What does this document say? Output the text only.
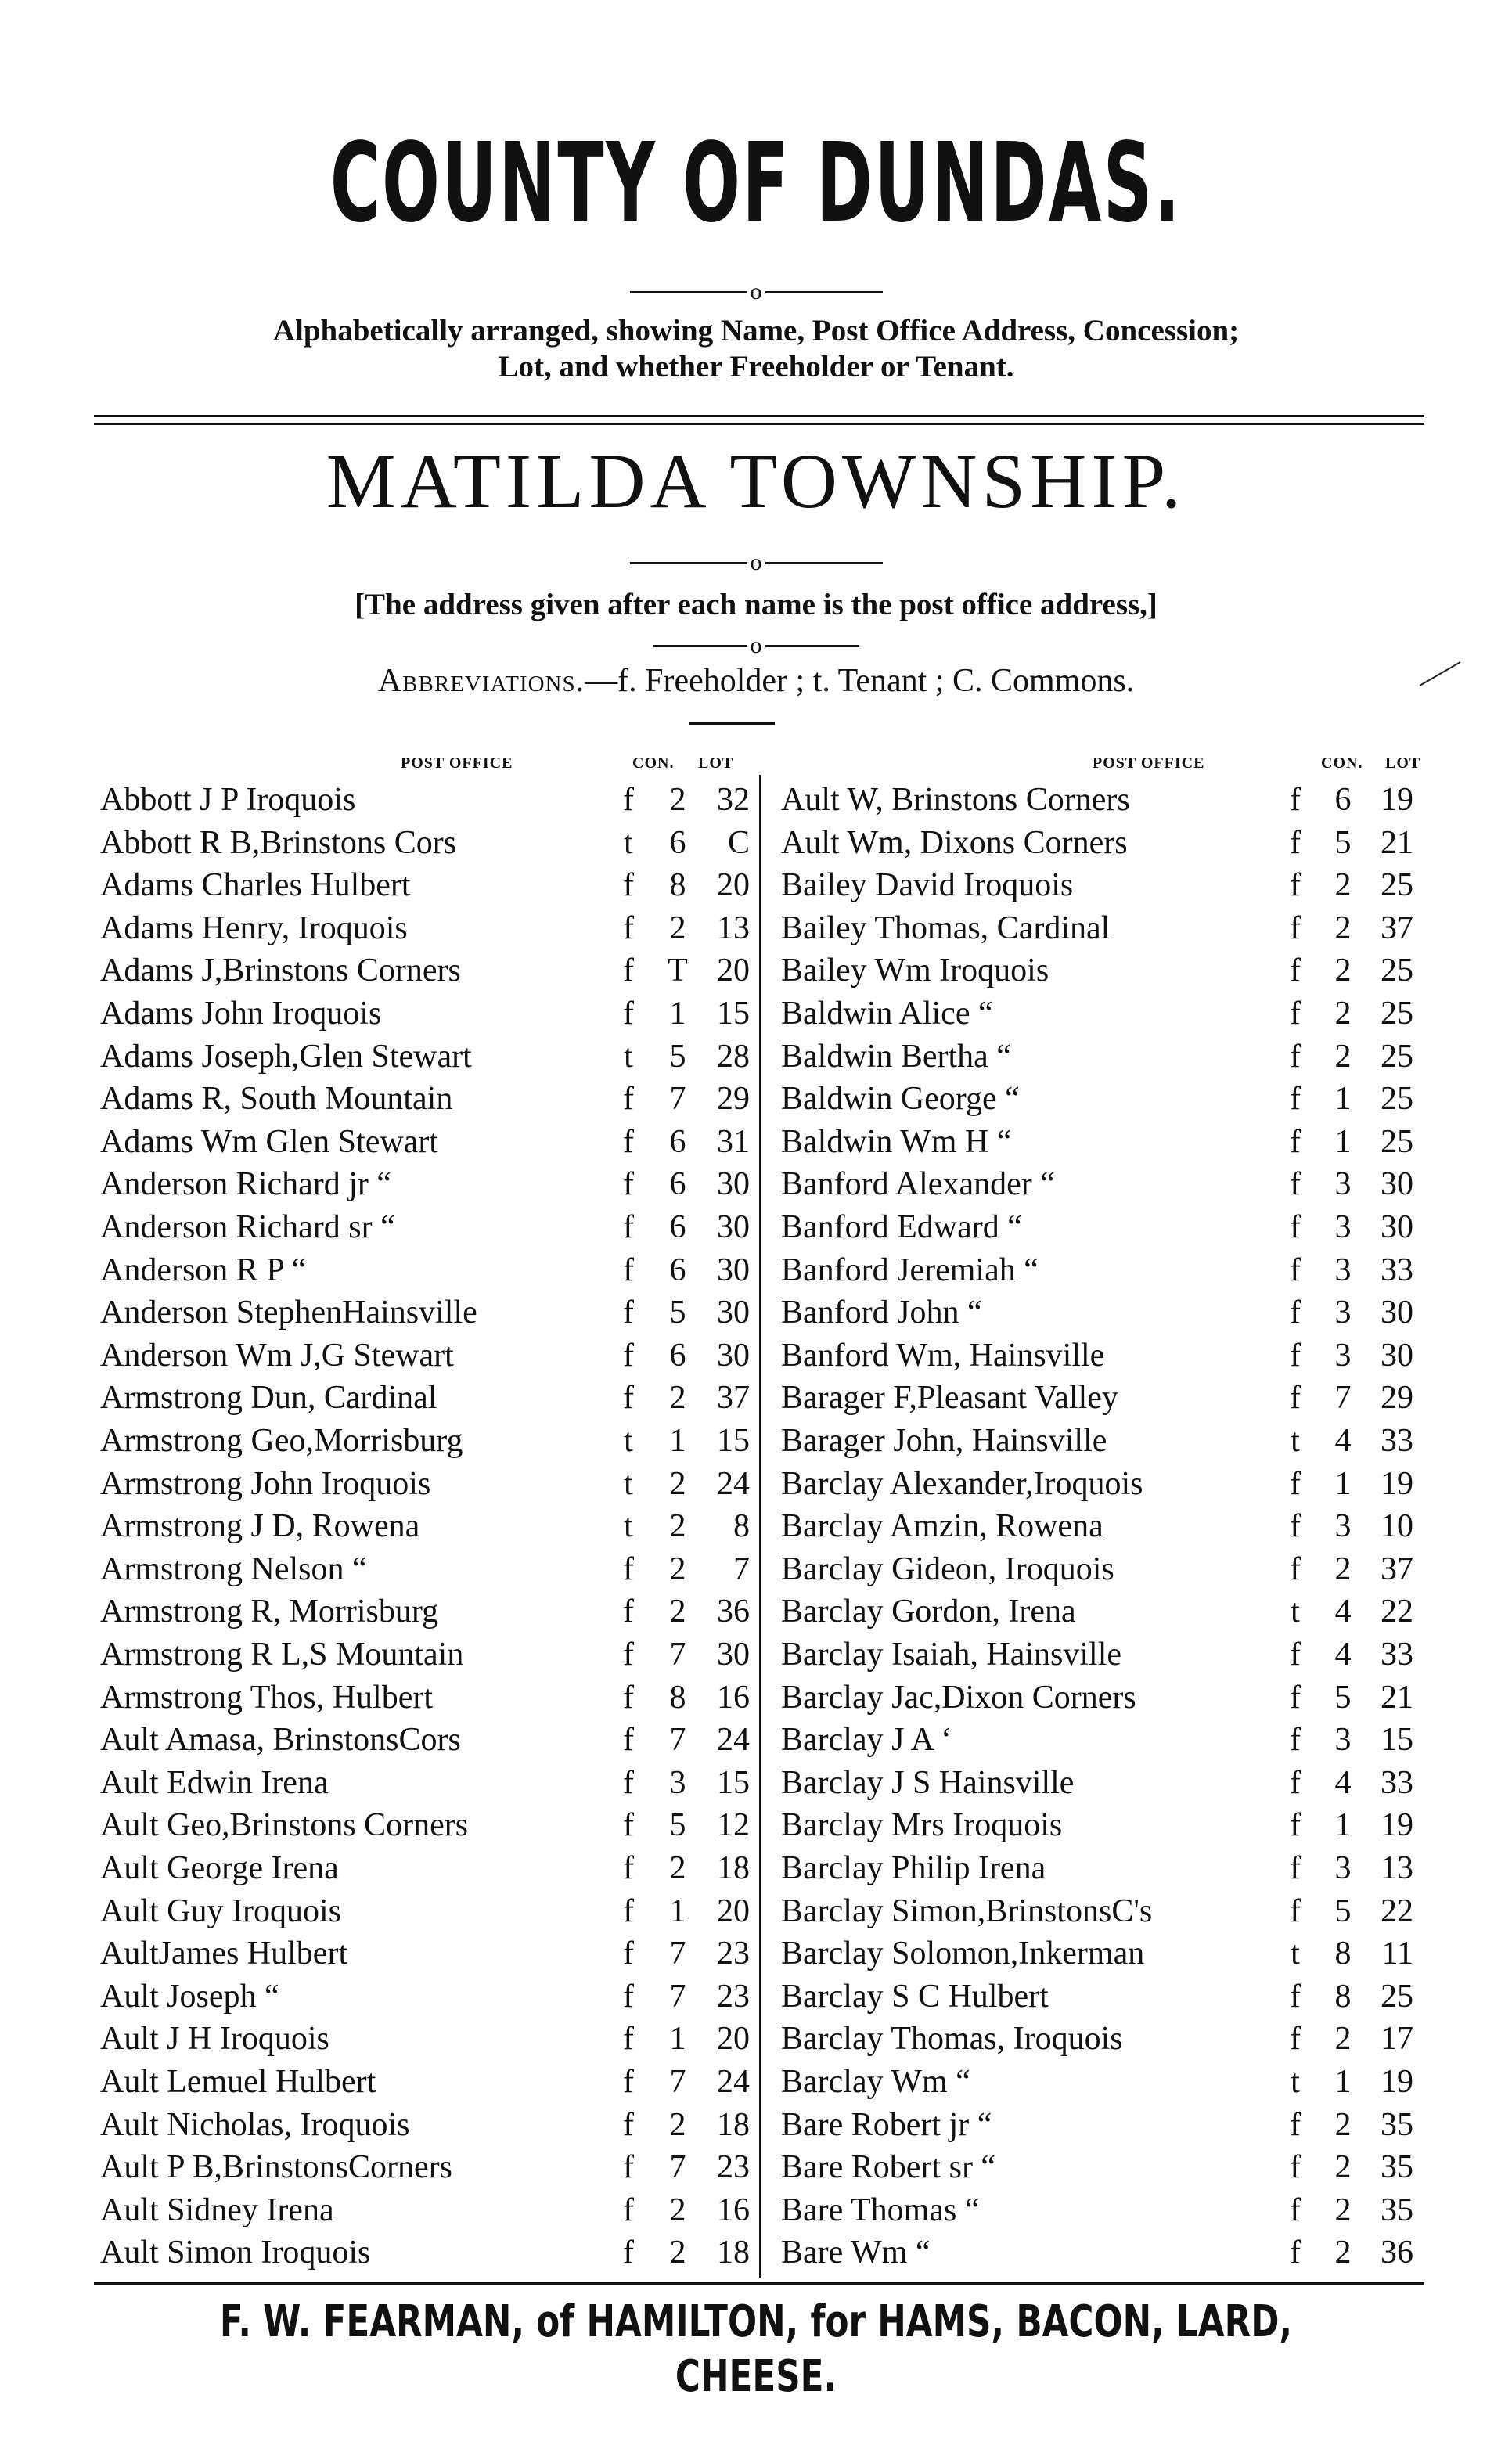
COUNTY OF DUNDAS.
o
Alphabetically arranged, showing Name, Post Office Address, Concession;
Lot, and whether Freeholder or Tenant.
MATILDA TOWNSHIP.
o
[The address given after each name is the post office address,]
o
Abbreviations.—f. Freeholder ; t. Tenant ; C. Commons.
POST OFFICE	CON. LOT	POST OFFICE	CON. LOT
Abbott J P Iroquois	f 2 32
Abbott R B,Brinstons Cors	t 6	C
Adams Charles Hulbert	f 8 20
Adams Henry, Iroquois	f 2 13
Adams J,Brinstons Corners	f T 20
Adams John Iroquois	f 1 15
Adams Joseph,Glen Stewart	t 5 28
Adams R, South Mountain	f 7 29
Adams Wm Glen Stewart	f 6 31
Anderson Richard jr “	f 6 30
Anderson Richard sr “	f 6 30
Anderson R P “	f 6 30
Anderson StephenHainsville	f 5 30
Anderson Wm J,G Stewart	f 6 30
Armstrong Dun, Cardinal	f 2 37
Armstrong Geo,Morrisburg	t 1 15
Armstrong John Iroquois	t 2 24
Armstrong J D, Rowena	t 2	8
Armstrong Nelson “	f 2	7
Armstrong R, Morrisburg	f 2 36
Armstrong R L,S Mountain	f 7 30
Armstrong Thos, Hulbert	f 8 16
Ault Amasa, BrinstonsCors	f 7 24
Ault Edwin Irena	f 3 15
Ault Geo,Brinstons Corners	f 5 12
Ault George Irena	f 2 18
Ault Guy Iroquois	f 1 20
AultJames Hulbert	f 7 23
Ault Joseph “	f 7 23
Ault J H Iroquois	f 1 20
Ault Lemuel Hulbert	f 7 24
Ault Nicholas, Iroquois	f 2 18
Ault P B,BrinstonsCorners	f 7 23
Ault Sidney Irena	f 2 16
Ault Simon Iroquois	f 2 18
Ault W, Brinstons Corners	f 6 19
Ault Wm, Dixons Corners	f 5 21
Bailey David Iroquois	f 2 25
Bailey Thomas, Cardinal	f 2 37
Bailey Wm Iroquois	f 2 25
Baldwin Alice “	f 2 25
Baldwin Bertha “	f 2 25
Baldwin George “	f 1 25
Baldwin Wm H “	f 1 25
Banford Alexander “	f 3 30
Banford Edward “	f 3 30
Banford Jeremiah “	f 3 33
Banford John “	f 3 30
Banford Wm, Hainsville	f 3 30
Barager F,Pleasant Valley	f 7 29
Barager John, Hainsville	t 4 33
Barclay Alexander,Iroquois	f 1 19
Barclay Amzin, Rowena	f 3 10
Barclay Gideon, Iroquois	f 2 37
Barclay Gordon, Irena	t 4 22
Barclay Isaiah, Hainsville	f 4 33
Barclay Jac,Dixon Corners	f 5 21
Barclay J A ‘	f 3 15
Barclay J S Hainsville	f 4 33
Barclay Mrs Iroquois	f 1 19
Barclay Philip Irena	f 3 13
Barclay Simon,BrinstonsC's	f 5 22
Barclay Solomon,Inkerman	t 8 11
Barclay S C Hulbert	f 8 25
Barclay Thomas, Iroquois	f 2 17
Barclay Wm “	t 1 19
Bare Robert jr “	f 2 35
Bare Robert sr “	f 2 35
Bare Thomas “	f 2 35
Bare Wm “	f 2 36
F. W. FEARMAN, of HAMILTON, for HAMS, BACON, LARD, CHEESE.
